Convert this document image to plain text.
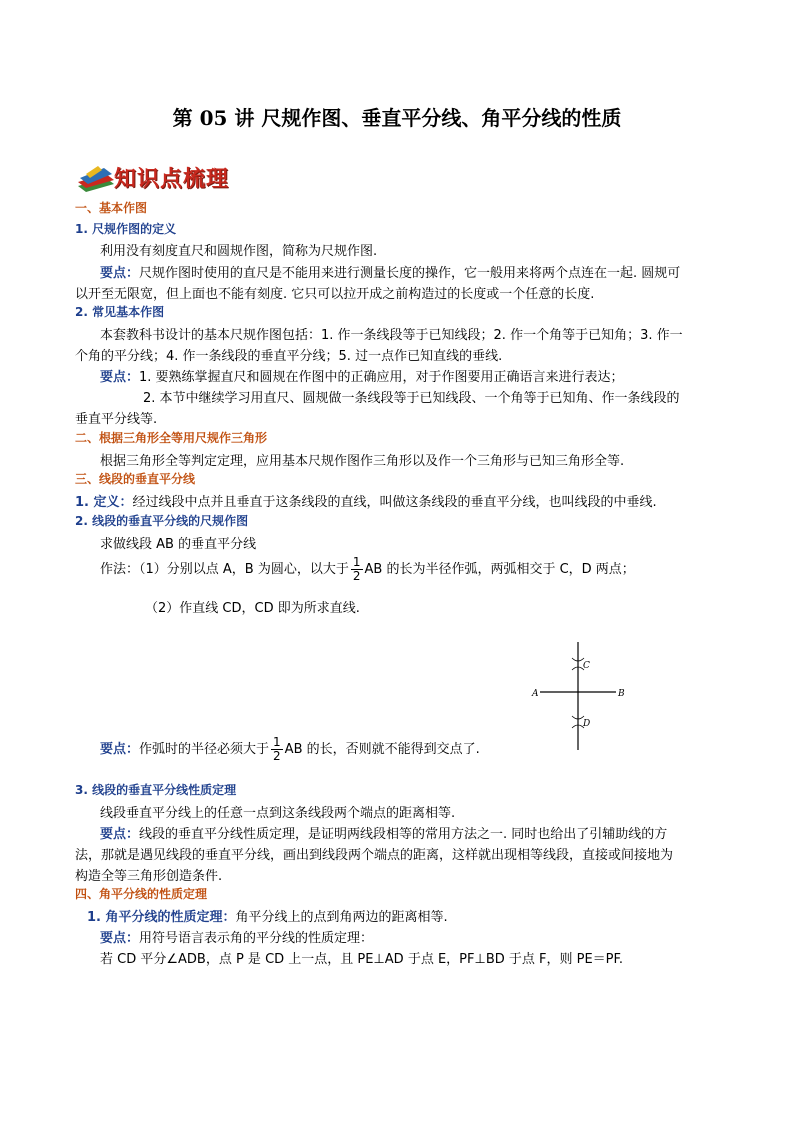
第 05 讲 尺规作图、垂直平分线、角平分线的性质
知识点梳理
一、基本作图
1. 尺规作图的定义
利用没有刻度直尺和圆规作图，简称为尺规作图.
要点：尺规作图时使用的直尺是不能用来进行测量长度的操作，它一般用来将两个点连在一起. 圆规可
以开至无限宽，但上面也不能有刻度. 它只可以拉开成之前构造过的长度或一个任意的长度.
2. 常见基本作图
本套教科书设计的基本尺规作图包括：1. 作一条线段等于已知线段；2. 作一个角等于已知角；3. 作一
个角的平分线；4. 作一条线段的垂直平分线；5. 过一点作已知直线的垂线.
要点：1. 要熟练掌握直尺和圆规在作图中的正确应用，对于作图要用正确语言来进行表达；
2. 本节中继续学习用直尺、圆规做一条线段等于已知线段、一个角等于已知角、作一条线段的
垂直平分线等.
二、根据三角形全等用尺规作三角形
根据三角形全等判定定理，应用基本尺规作图作三角形以及作一个三角形与已知三角形全等.
三、线段的垂直平分线
1. 定义：经过线段中点并且垂直于这条线段的直线，叫做这条线段的垂直平分线，也叫线段的中垂线.
2. 线段的垂直平分线的尺规作图
求做线段 AB 的垂直平分线
作法：（1）分别以点 A，B 为圆心，以大于 $\frac{1}{2}$ AB 的长为半径作弧，两弧相交于 C，D 两点；
（2）作直线 CD，CD 即为所求直线.
A	B
C
D
要点：作弧时的半径必须大于 $\frac{1}{2}$ AB 的长，否则就不能得到交点了.
3. 线段的垂直平分线性质定理
线段垂直平分线上的任意一点到这条线段两个端点的距离相等.
要点：线段的垂直平分线性质定理，是证明两线段相等的常用方法之一. 同时也给出了引辅助线的方
法，那就是遇见线段的垂直平分线，画出到线段两个端点的距离，这样就出现相等线段，直接或间接地为
构造全等三角形创造条件.
四、角平分线的性质定理
1. 角平分线的性质定理：角平分线上的点到角两边的距离相等.
要点：用符号语言表示角的平分线的性质定理：
若 CD 平分∠ADB，点 P 是 CD 上一点，且 PE⊥AD 于点 E，PF⊥BD 于点 F，则 PE＝PF.
